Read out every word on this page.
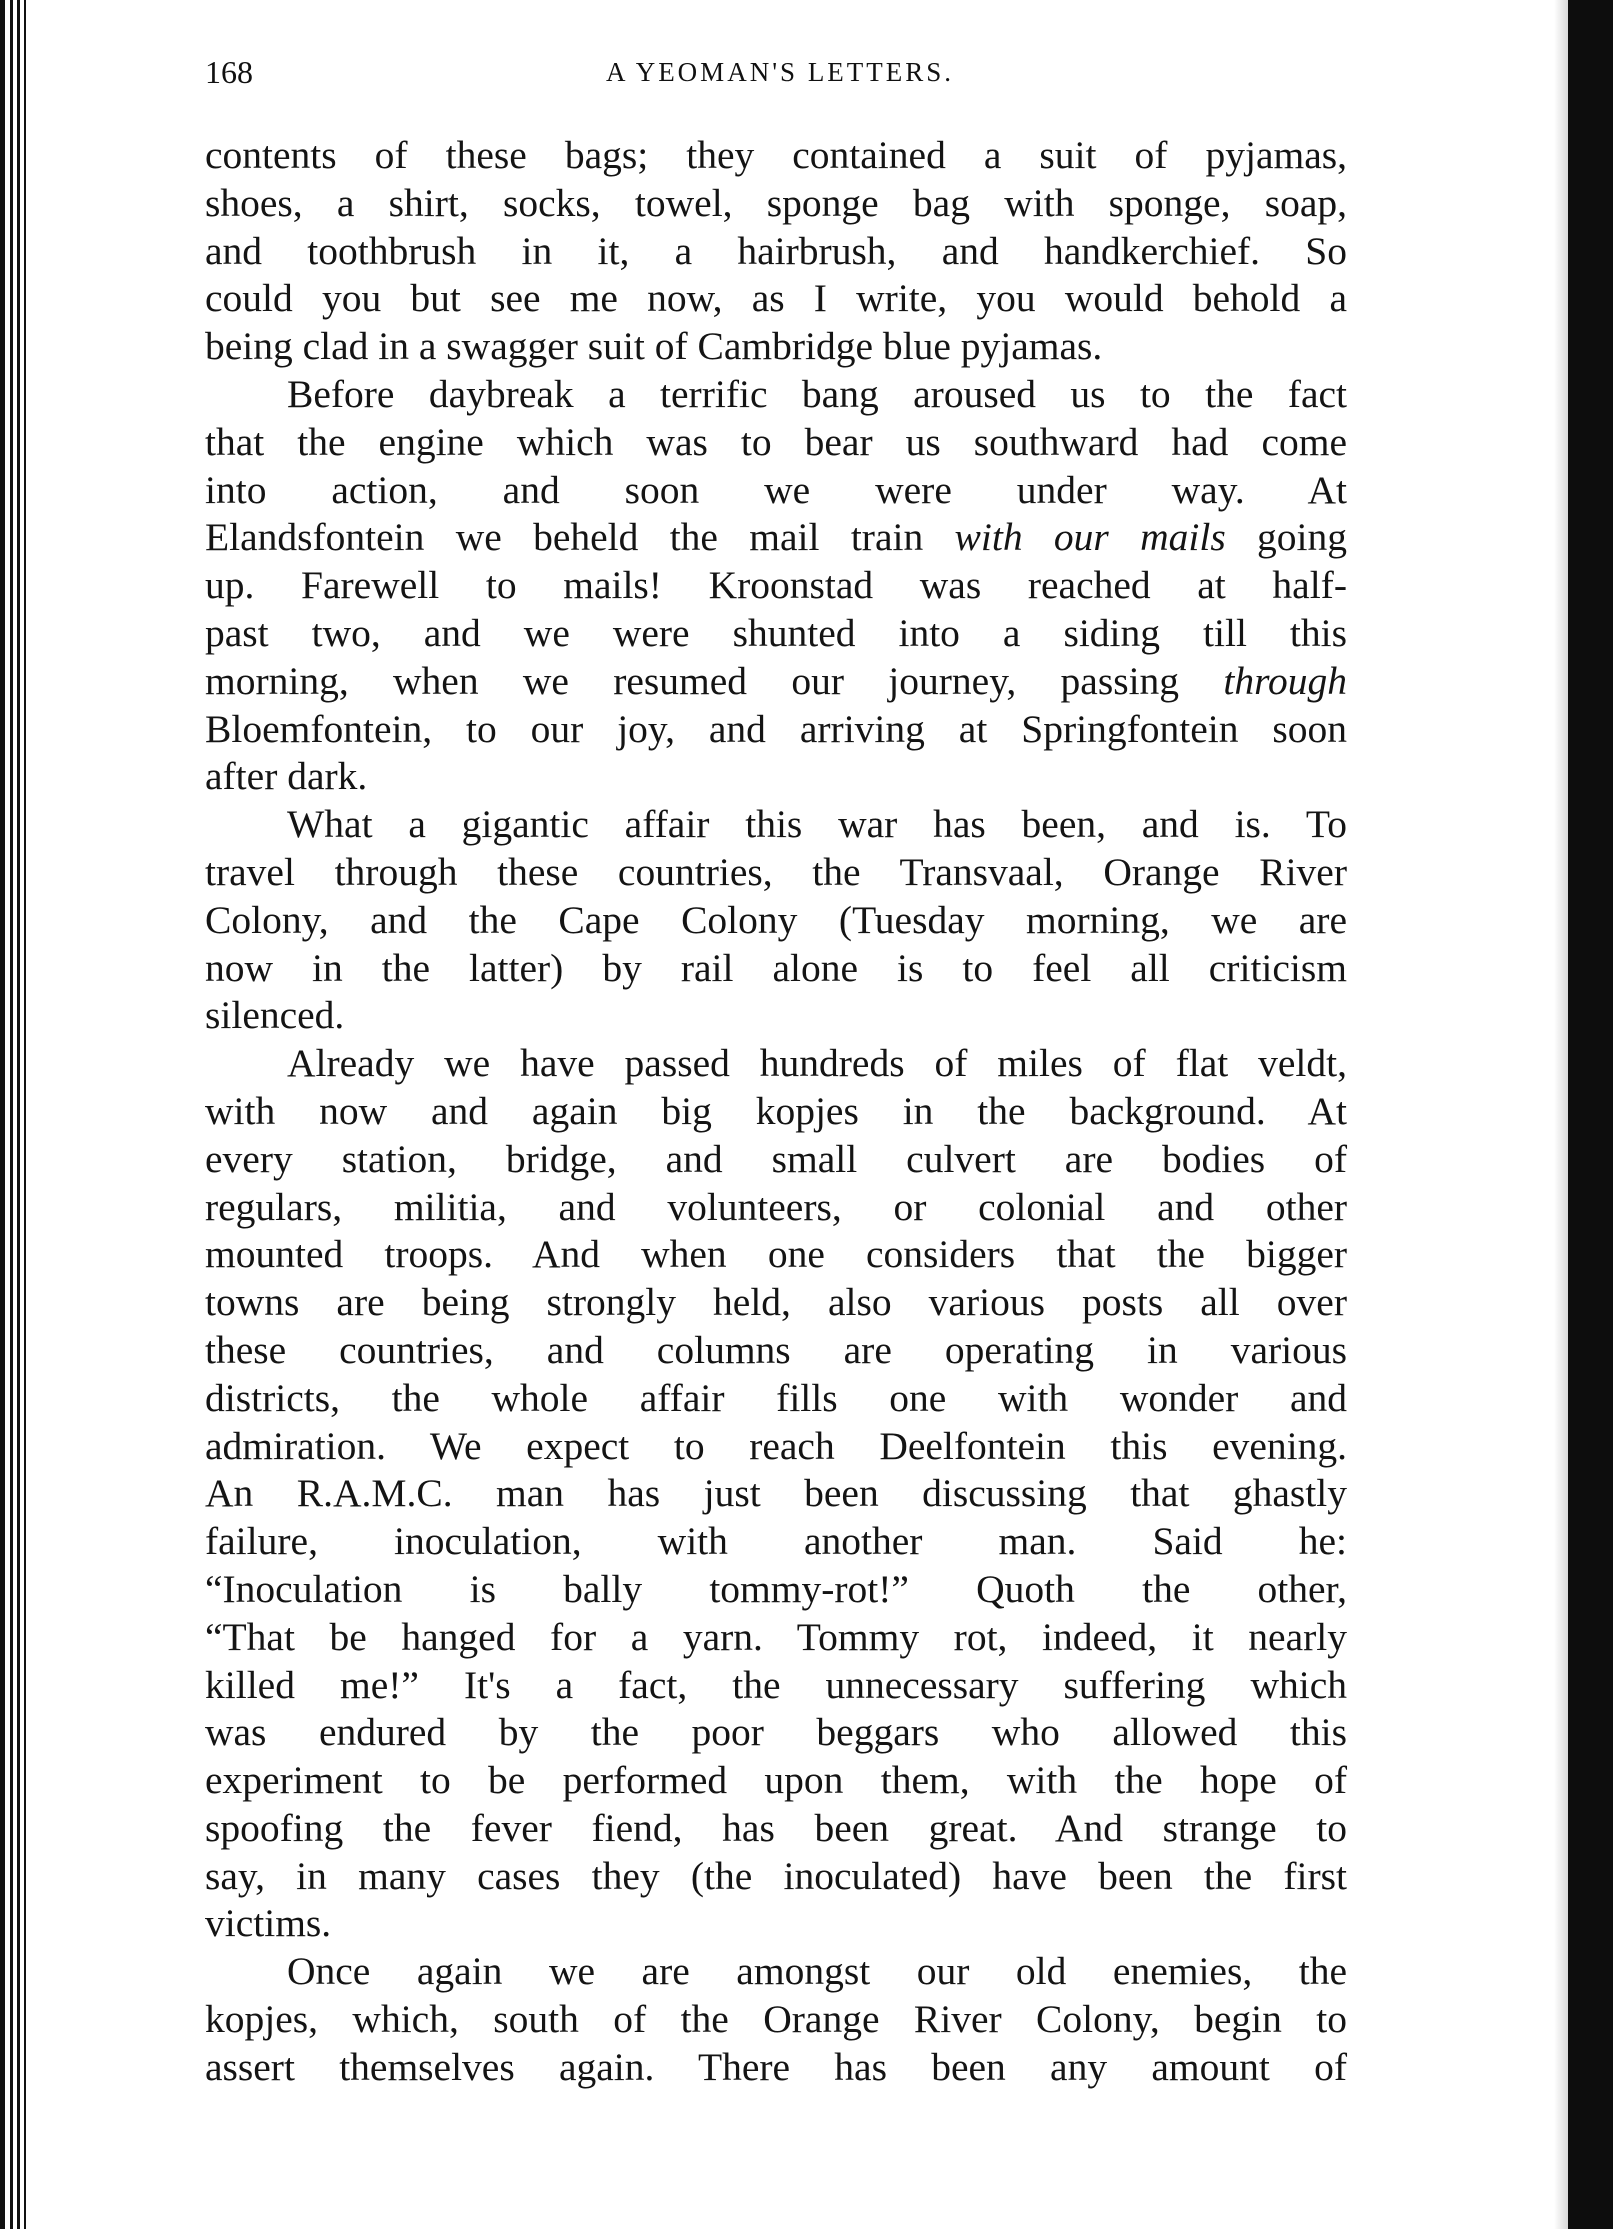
168	A YEOMAN'S LETTERS.
contents of these bags; they contained a suit of pyjamas,
shoes, a shirt, socks, towel, sponge bag with sponge, soap,
and toothbrush in it, a hairbrush, and handkerchief. So
could you but see me now, as I write, you would behold a
being clad in a swagger suit of Cambridge blue pyjamas.
Before daybreak a terrific bang aroused us to the fact
that the engine which was to bear us southward had come
into action, and soon we were under way. At
Elandsfontein we beheld the mail train with our mails going
up. Farewell to mails! Kroonstad was reached at half-
past two, and we were shunted into a siding till this
morning, when we resumed our journey, passing through
Bloemfontein, to our joy, and arriving at Springfontein soon
after dark.
What a gigantic affair this war has been, and is. To
travel through these countries, the Transvaal, Orange River
Colony, and the Cape Colony (Tuesday morning, we are
now in the latter) by rail alone is to feel all criticism
silenced.
Already we have passed hundreds of miles of flat veldt,
with now and again big kopjes in the background. At
every station, bridge, and small culvert are bodies of
regulars, militia, and volunteers, or colonial and other
mounted troops. And when one considers that the bigger
towns are being strongly held, also various posts all over
these countries, and columns are operating in various
districts, the whole affair fills one with wonder and
admiration. We expect to reach Deelfontein this evening.
An R.A.M.C. man has just been discussing that ghastly
failure, inoculation, with another man. Said he:
“Inoculation is bally tommy-rot!” Quoth the other,
“That be hanged for a yarn. Tommy rot, indeed, it nearly
killed me!” It's a fact, the unnecessary suffering which
was endured by the poor beggars who allowed this
experiment to be performed upon them, with the hope of
spoofing the fever fiend, has been great. And strange to
say, in many cases they (the inoculated) have been the first
victims.
Once again we are amongst our old enemies, the
kopjes, which, south of the Orange River Colony, begin to
assert themselves again. There has been any amount of
